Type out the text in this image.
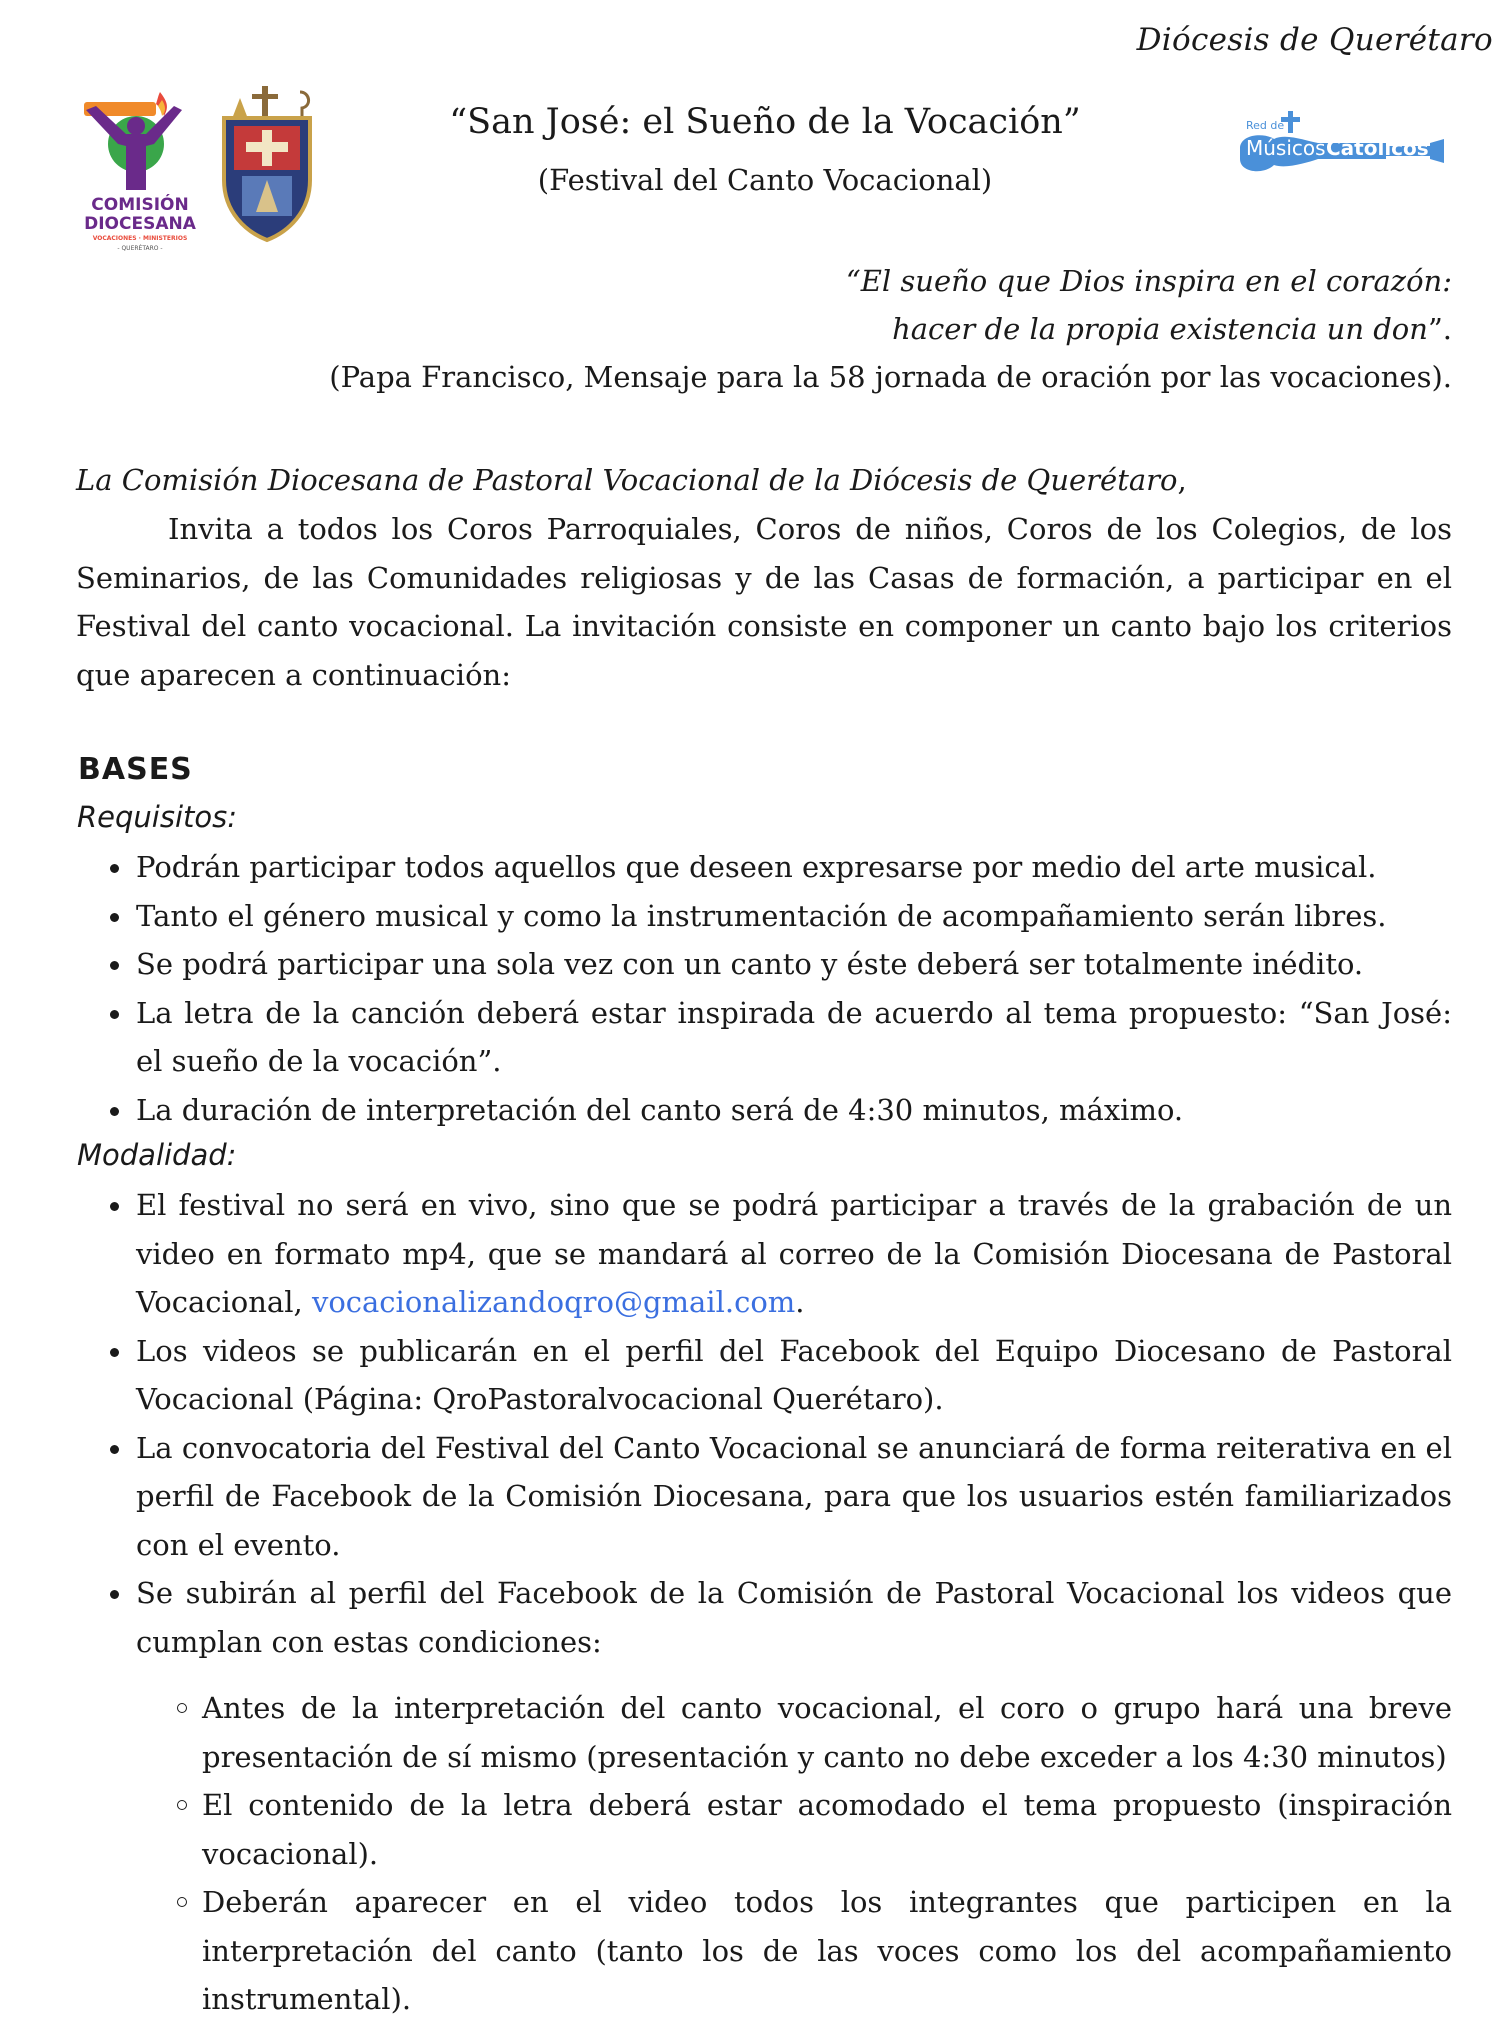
Diócesis de Querétaro
COMISIÓN
DIOCESANA
VOCACIONES · MINISTERIOS
- QUERÉTARO -
Red de
Músicos Católicos
“San José: el Sueño de la Vocación”
(Festival del Canto Vocacional)
“El sueño que Dios inspira en el corazón:
hacer de la propia existencia un don”.
(Papa Francisco, Mensaje para la 58 jornada de oración por las vocaciones).
La Comisión Diocesana de Pastoral Vocacional de la Diócesis de Querétaro,
Invita a todos los Coros Parroquiales, Coros de niños, Coros de los Colegios, de los Seminarios, de las Comunidades religiosas y de las Casas de formación, a participar en el Festival del canto vocacional. La invitación consiste en componer un canto bajo los criterios que aparecen a continuación:
BASES
Requisitos:
Podrán participar todos aquellos que deseen expresarse por medio del arte musical.
Tanto el género musical y como la instrumentación de acompañamiento serán libres.
Se podrá participar una sola vez con un canto y éste deberá ser totalmente inédito.
La letra de la canción deberá estar inspirada de acuerdo al tema propuesto: “San José: el sueño de la vocación”.
La duración de interpretación del canto será de 4:30 minutos, máximo.
Modalidad:
El festival no será en vivo, sino que se podrá participar a través de la grabación de un video en formato mp4, que se mandará al correo de la Comisión Diocesana de Pastoral Vocacional, vocacionalizandoqro@gmail.com.
Los videos se publicarán en el perfil del Facebook del Equipo Diocesano de Pastoral Vocacional (Página: QroPastoralvocacional Querétaro).
La convocatoria del Festival del Canto Vocacional se anunciará de forma reiterativa en el perfil de Facebook de la Comisión Diocesana, para que los usuarios estén familiarizados con el evento.
Se subirán al perfil del Facebook de la Comisión de Pastoral Vocacional los videos que cumplan con estas condiciones:
Antes de la interpretación del canto vocacional, el coro o grupo hará una breve presentación de sí mismo (presentación y canto no debe exceder a los 4:30 minutos)
El contenido de la letra deberá estar acomodado el tema propuesto (inspiración vocacional).
Deberán aparecer en el video todos los integrantes que participen en la interpretación del canto (tanto los de las voces como los del acompañamiento instrumental).
